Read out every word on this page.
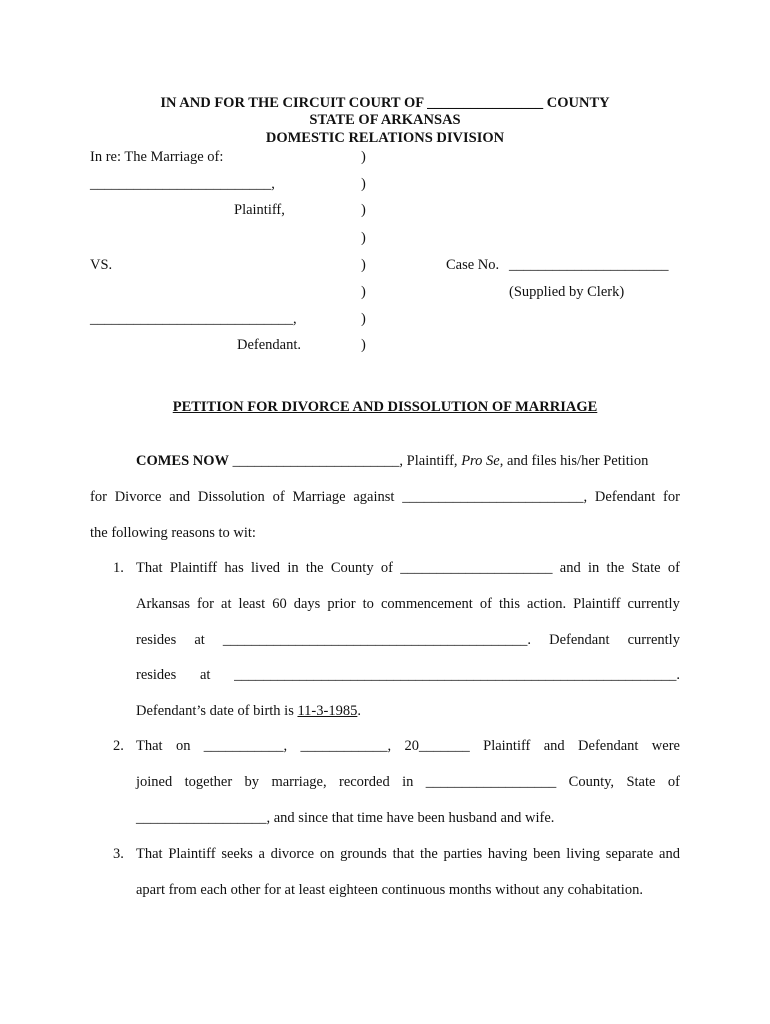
IN AND FOR THE CIRCUIT COURT OF ________________ COUNTY
STATE OF ARKANSAS
DOMESTIC RELATIONS DIVISION
In re: The Marriage of:
_________________________,
Plaintiff,
VS.	Case No. ______________________
(Supplied by Clerk)
____________________________,
Defendant.
)
)
)
)
)
)
)
)
PETITION FOR DIVORCE AND DISSOLUTION OF MARRIAGE
COMES NOW _______________________, Plaintiff, Pro Se, and files his/her Petition
for Divorce and Dissolution of Marriage against _________________________, Defendant for
the following reasons to wit:
1. That Plaintiff has lived in the County of _____________________ and in the State of
Arkansas for at least 60 days prior to commencement of this action. Plaintiff currently
resides at __________________________________________. Defendant currently
resides at _____________________________________________________________.
Defendant’s date of birth is 11-3-1985.
2. That on ___________, ____________, 20_______ Plaintiff and Defendant were
joined together by marriage, recorded in __________________ County, State of
__________________, and since that time have been husband and wife.
3. That Plaintiff seeks a divorce on grounds that the parties having been living separate and
apart from each other for at least eighteen continuous months without any cohabitation.
